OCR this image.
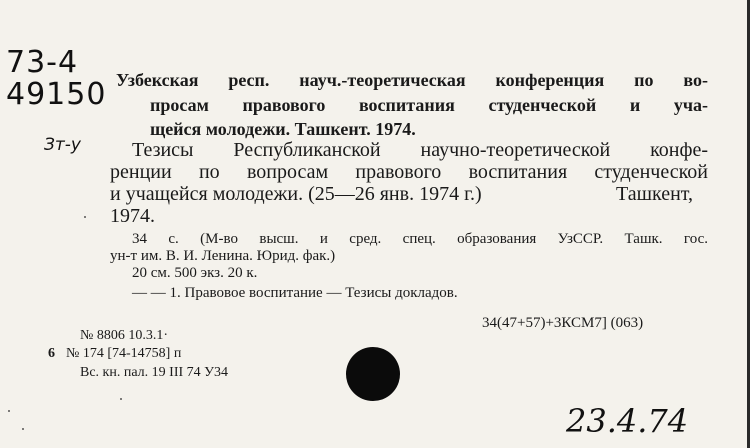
73-4
49150
Зт-у
Узбекская респ. науч.-теоретическая конференция по во-
просам правового воспитания студенческой и уча-
щейся молодежи. Ташкент. 1974.
Тезисы Республиканской научно-теоретической конфе-
ренции по вопросам правового воспитания студенческой
и учащейся молодежи. (25—26 янв. 1974 г.)	Ташкент,
1974.
34 с. (М-во высш. и сред. спец. образования УзССР. Ташк. гос.
ун-т им. В. И. Ленина. Юрид. фак.)
20 см. 500 экз. 20 к.
— — 1. Правовое воспитание — Тезисы докладов.
34(47+57)+3КСМ7] (063)
№ 8806 10.3.1·
6 № 174 [74-14758] п
Вс. кн. пал. 19 III 74 У34
23.4.74
